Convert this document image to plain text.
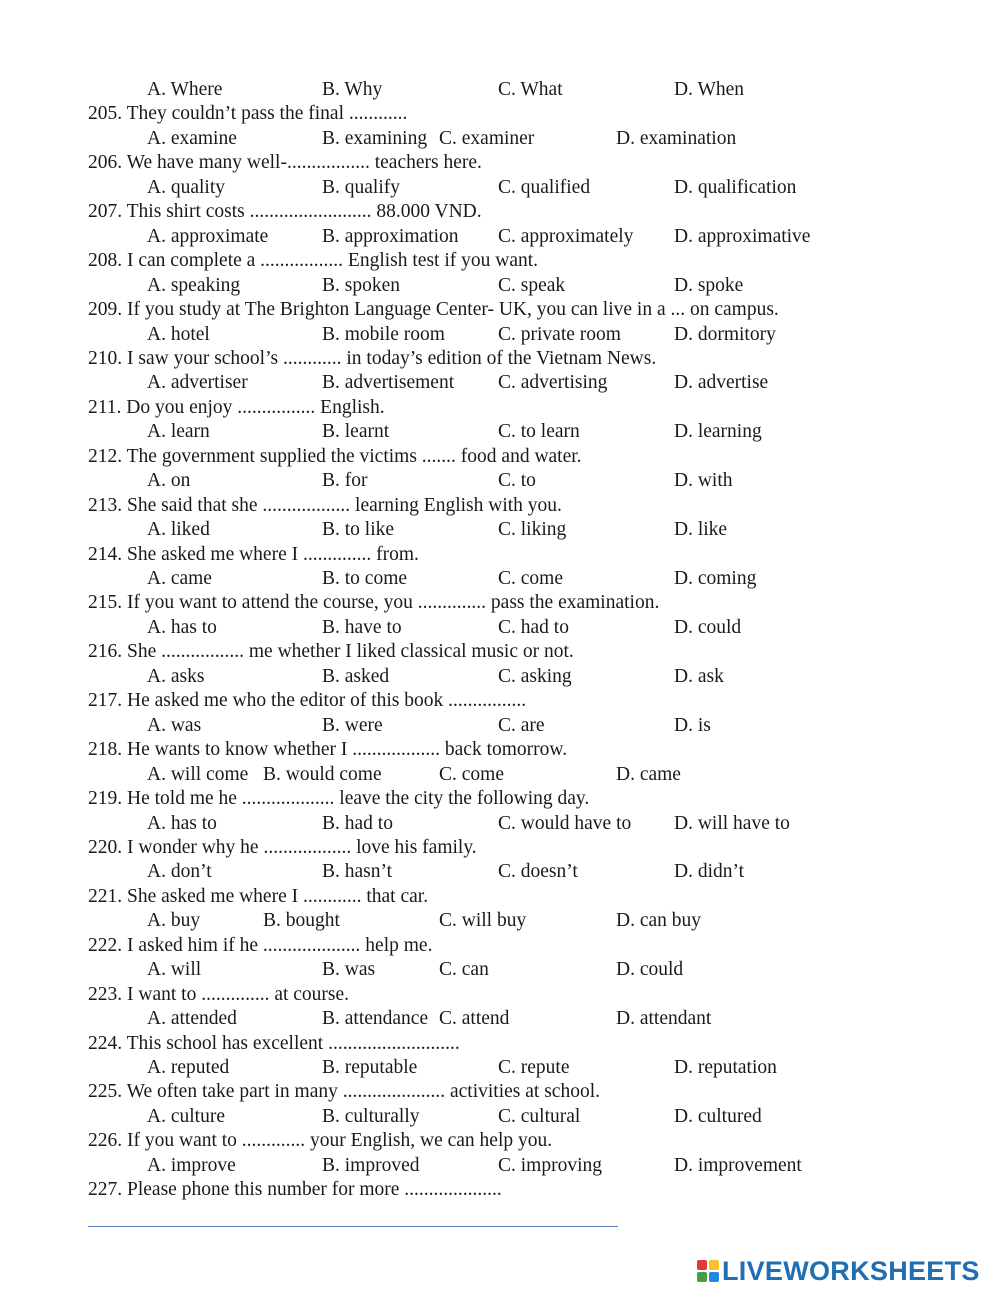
A. Where	B. Why	C. What	D. When
205. They couldn’t pass the final ............
A. examine	B. examining C. examiner	D. examination
206. We have many well-................. teachers here.
A. quality	B. qualify	C. qualified	D. qualification
207. This shirt costs ......................... 88.000 VND.
A. approximate	B. approximation C. approximately D. approximative
208. I can complete a ................. English test if you want.
A. speaking	B. spoken	C. speak	D. spoke
209. If you study at The Brighton Language Center- UK, you can live in a ... on campus.
A. hotel	B. mobile room	C. private room	D. dormitory
210. I saw your school’s ............ in today’s edition of the Vietnam News.
A. advertiser	B. advertisement C. advertising	D. advertise
211. Do you enjoy ................ English.
A. learn	B. learnt	C. to learn	D. learning
212. The government supplied the victims ....... food and water.
A. on	B. for	C. to	D. with
213. She said that she .................. learning English with you.
A. liked	B. to like	C. liking	D. like
214. She asked me where I .............. from.
A. came	B. to come	C. come	D. coming
215. If you want to attend the course, you .............. pass the examination.
A. has to	B. have to	C. had to	D. could
216. She ................. me whether I liked classical music or not.
A. asks	B. asked	C. asking	D. ask
217. He asked me who the editor of this book ................
A. was	B. were	C. are	D. is
218. He wants to know whether I .................. back tomorrow.
A. will come B. would come	C. come	D. came
219. He told me he ................... leave the city the following day.
A. has to	B. had to	C. would have to D. will have to
220. I wonder why he .................. love his family.
A. don’t	B. hasn’t	C. doesn’t	D. didn’t
221. She asked me where I ............ that car.
A. buy	B. bought	C. will buy	D. can buy
222. I asked him if he .................... help me.
A. will	B. was	C. can	D. could
223. I want to .............. at course.
A. attended	B. attendance C. attend	D. attendant
224. This school has excellent ...........................
A. reputed	B. reputable	C. repute	D. reputation
225. We often take part in many ..................... activities at school.
A. culture	B. culturally	C. cultural	D. cultured
226. If you want to ............. your English, we can help you.
A. improve	B. improved	C. improving	D. improvement
227. Please phone this number for more ....................
LIVEWORKSHEETS
